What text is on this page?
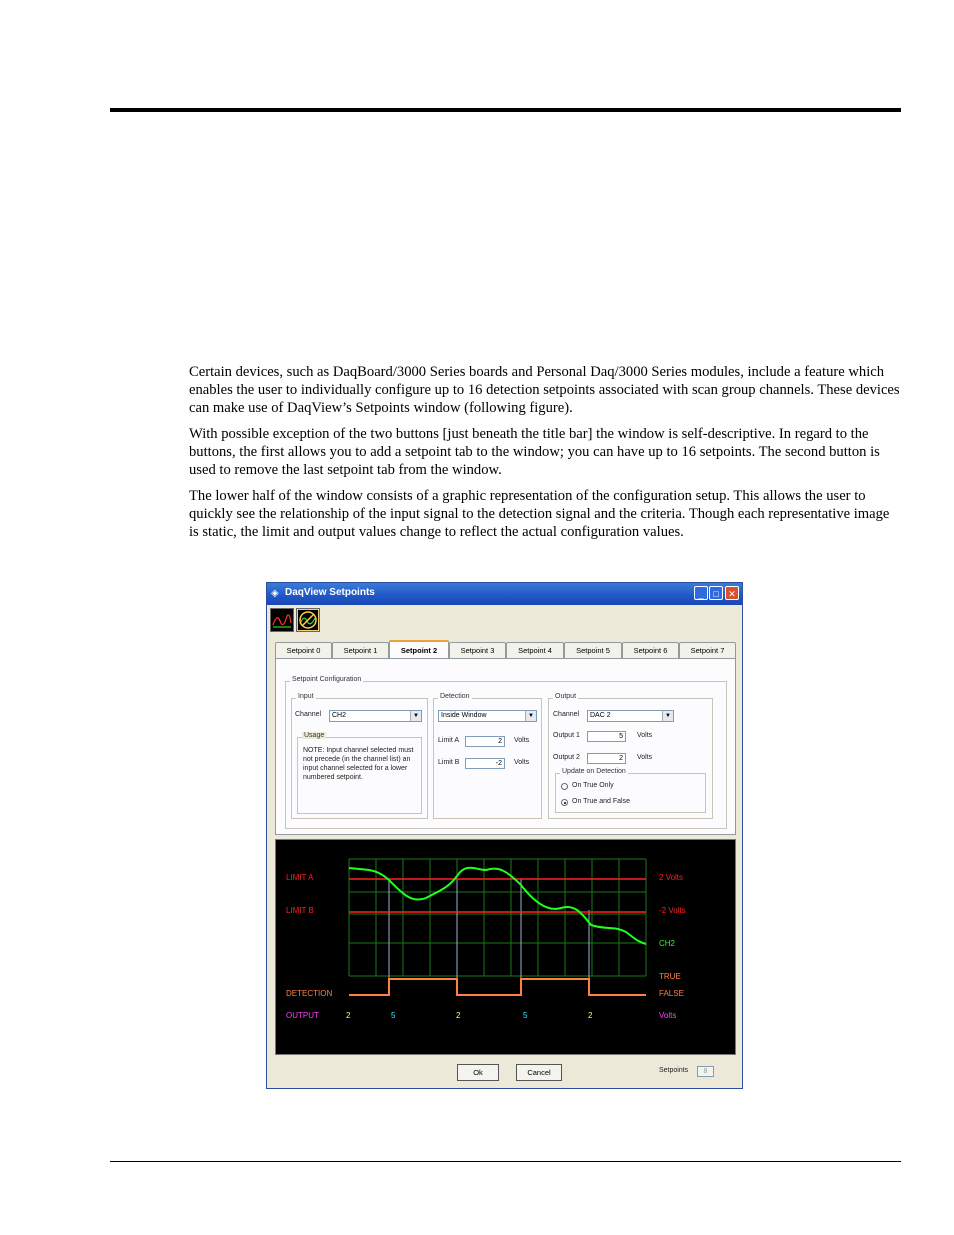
Certain devices, such as DaqBoard/3000 Series boards and Personal Daq/3000 Series modules, include a feature which enables the user to individually configure up to 16 detection setpoints associated with scan group channels. These devices can make use of DaqView’s Setpoints window (following figure).

With possible exception of the two buttons [just beneath the title bar] the window is self-descriptive. In regard to the buttons, the first allows you to add a setpoint tab to the window; you can have up to 16 setpoints. The second button is used to remove the last setpoint tab from the window.

The lower half of the window consists of a graphic representation of the configuration setup. This allows the user to quickly see the relationship of the input signal to the detection signal and the criteria. Though each representative image is static, the limit and output values change to reflect the actual configuration values.

◈ DaqView Setpoints	_	□	✕
Setpoint 0	Setpoint 1	Setpoint 2	Setpoint 3	Setpoint 4	Setpoint 5	Setpoint 6	Setpoint 7
Setpoint Configuration
Input
Channel	CH2	▼
Usage
NOTE: Input channel selected must not precede (in the channel list) an input channel selected for a lower numbered setpoint.
Detection
Inside Window	▼
Limit A	2	Volts
Limit B	-2	Volts
Output
Channel	DAC 2	▼
Output 1	5	Volts
Output 2	2	Volts
Update on Detection
On True Only
On True and False
LIMIT A
LIMIT B
2 Volts
-2 Volts
CH2
TRUE
FALSE
DETECTION
OUTPUT	Volts
2	5	2	5	2
Ok	Cancel	Setpoints	8
